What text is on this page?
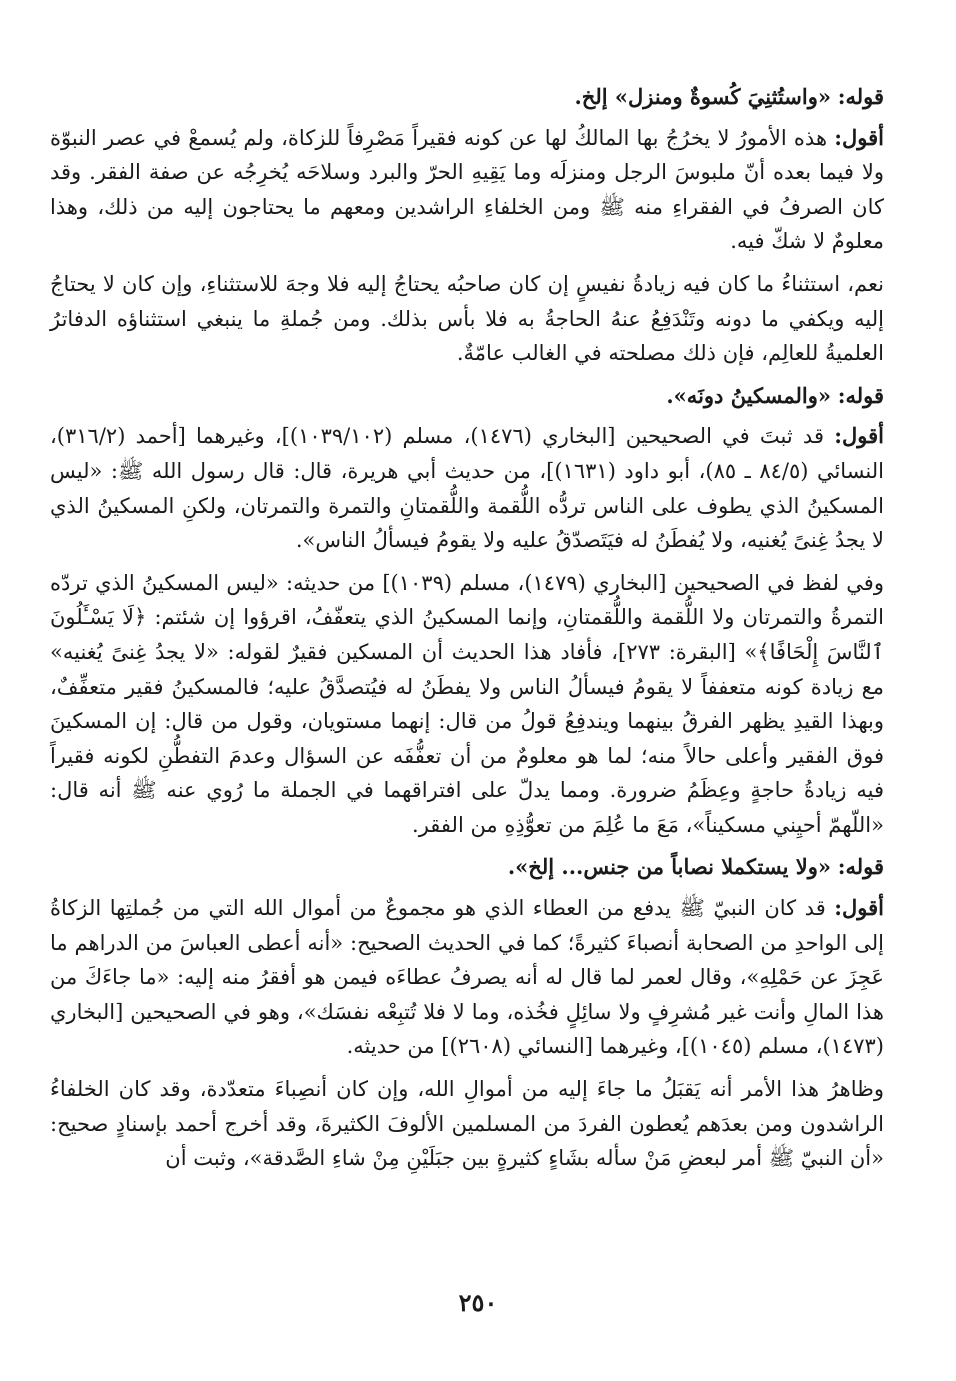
قوله: «واستُثنِيَ كُسوةٌ ومنزل» إلخ.

أقول: هذه الأمورُ لا يخرُجُ بها المالكُ لها عن كونه فقيراً مَصْرِفاً للزكاة، ولم يُسمعْ في عصر النبوّة ولا فيما بعده أنّ ملبوسَ الرجل ومنزلَه وما يَقِيهِ الحرّ والبرد وسلاحَه يُخرِجُه عن صفة الفقر. وقد كان الصرفُ في الفقراءِ منه ﷺ ومن الخلفاءِ الراشدين ومعهم ما يحتاجون إليه من ذلك، وهذا معلومٌ لا شكّ فيه.

نعم، استثناءُ ما كان فيه زيادةُ نفيسٍ إن كان صاحبُه يحتاجُ إليه فلا وجهَ للاستثناءِ، وإن كان لا يحتاجُ إليه ويكفي ما دونه وتَنْدَفِعُ عنهُ الحاجةُ به فلا بأس بذلك. ومن جُملةِ ما ينبغي استثناؤه الدفاترُ العلميةُ للعالِم، فإن ذلك مصلحته في الغالب عامّةٌ.

قوله: «والمسكينُ دونَه».

أقول: قد ثبتَ في الصحيحين [البخاري (١٤٧٦)، مسلم (١٠٣٩/١٠٢)]، وغيرهما [أحمد (٣١٦/٢)، النسائي (٨٤/٥ ـ ٨٥)، أبو داود (١٦٣١)]، من حديث أبي هريرة، قال: قال رسول الله ﷺ: «ليس المسكينُ الذي يطوف على الناس تردُّه اللُّقمة واللُّقمتانِ والتمرة والتمرتان، ولكنِ المسكينُ الذي لا يجدُ غِنىً يُغنيه، ولا يُفطَنُ له فيَتَصدّقُ عليه ولا يقومُ فيسألُ الناس».

وفي لفظ في الصحيحين [البخاري (١٤٧٩)، مسلم (١٠٣٩)] من حديثه: «ليس المسكينُ الذي تردّه التمرةُ والتمرتان ولا اللُّقمة واللُّقمتانِ، وإنما المسكينُ الذي يتعفّفُ، اقرؤوا إن شئتم: ﴿لَا يَسْـَٔلُونَ ٱلنَّاسَ إِلْحَافًا﴾» [البقرة: ٢٧٣]، فأفاد هذا الحديث أن المسكين فقيرٌ لقوله: «لا يجدُ غِنىً يُغنيه» مع زيادة كونه متعففاً لا يقومُ فيسألُ الناس ولا يفطَنُ له فيُتصدَّقُ عليه؛ فالمسكينُ فقير متعفِّفٌ، وبهذا القيدِ يظهر الفرقُ بينهما ويندفِعُ قولُ من قال: إنهما مستويان، وقول من قال: إن المسكينَ فوق الفقير وأعلى حالاً منه؛ لما هو معلومٌ من أن تعفُّفَه عن السؤال وعدمَ التفطُّنِ لكونه فقيراً فيه زيادةُ حاجةٍ وعِظَمُ ضرورة. ومما يدلّ على افتراقهما في الجملة ما رُوي عنه ﷺ أنه قال: «اللّهمّ أحيِني مسكيناً»، مَعَ ما عُلِمَ من تعوُّذِهِ من الفقر.

قوله: «ولا يستكملا نصاباً من جنس... إلخ».

أقول: قد كان النبيّ ﷺ يدفع من العطاء الذي هو مجموعٌ من أموال الله التي من جُملتِها الزكاةُ إلى الواحدِ من الصحابة أنصباءَ كثيرةً؛ كما في الحديث الصحيح: «أنه أعطى العباسَ من الدراهم ما عَجِزَ عن حَمْلِهِ»، وقال لعمر لما قال له أنه يصرفُ عطاءَه فيمن هو أفقرُ منه إليه: «ما جاءَكَ من هذا المالِ وأنت غير مُشرِفٍ ولا سائِلٍ فخُذه، وما لا فلا تُتبِعْه نفسَك»، وهو في الصحيحين [البخاري (١٤٧٣)، مسلم (١٠٤٥)]، وغيرهما [النسائي (٢٦٠٨)] من حديثه.

وظاهرُ هذا الأمر أنه يَقبَلُ ما جاءَ إليه من أموالِ الله، وإن كان أنصِباءَ متعدّدة، وقد كان الخلفاءُ الراشدون ومن بعدَهم يُعطون الفردَ من المسلمين الألوفَ الكثيرةَ، وقد أخرج أحمد بإسنادٍ صحيح: «أن النبيّ ﷺ أمر لبعضِ مَنْ سأله بشَاءٍ كثيرةٍ بين جبَلَيْنِ مِنْ شاءِ الصَّدقة»، وثبت أن

٢٥٠
